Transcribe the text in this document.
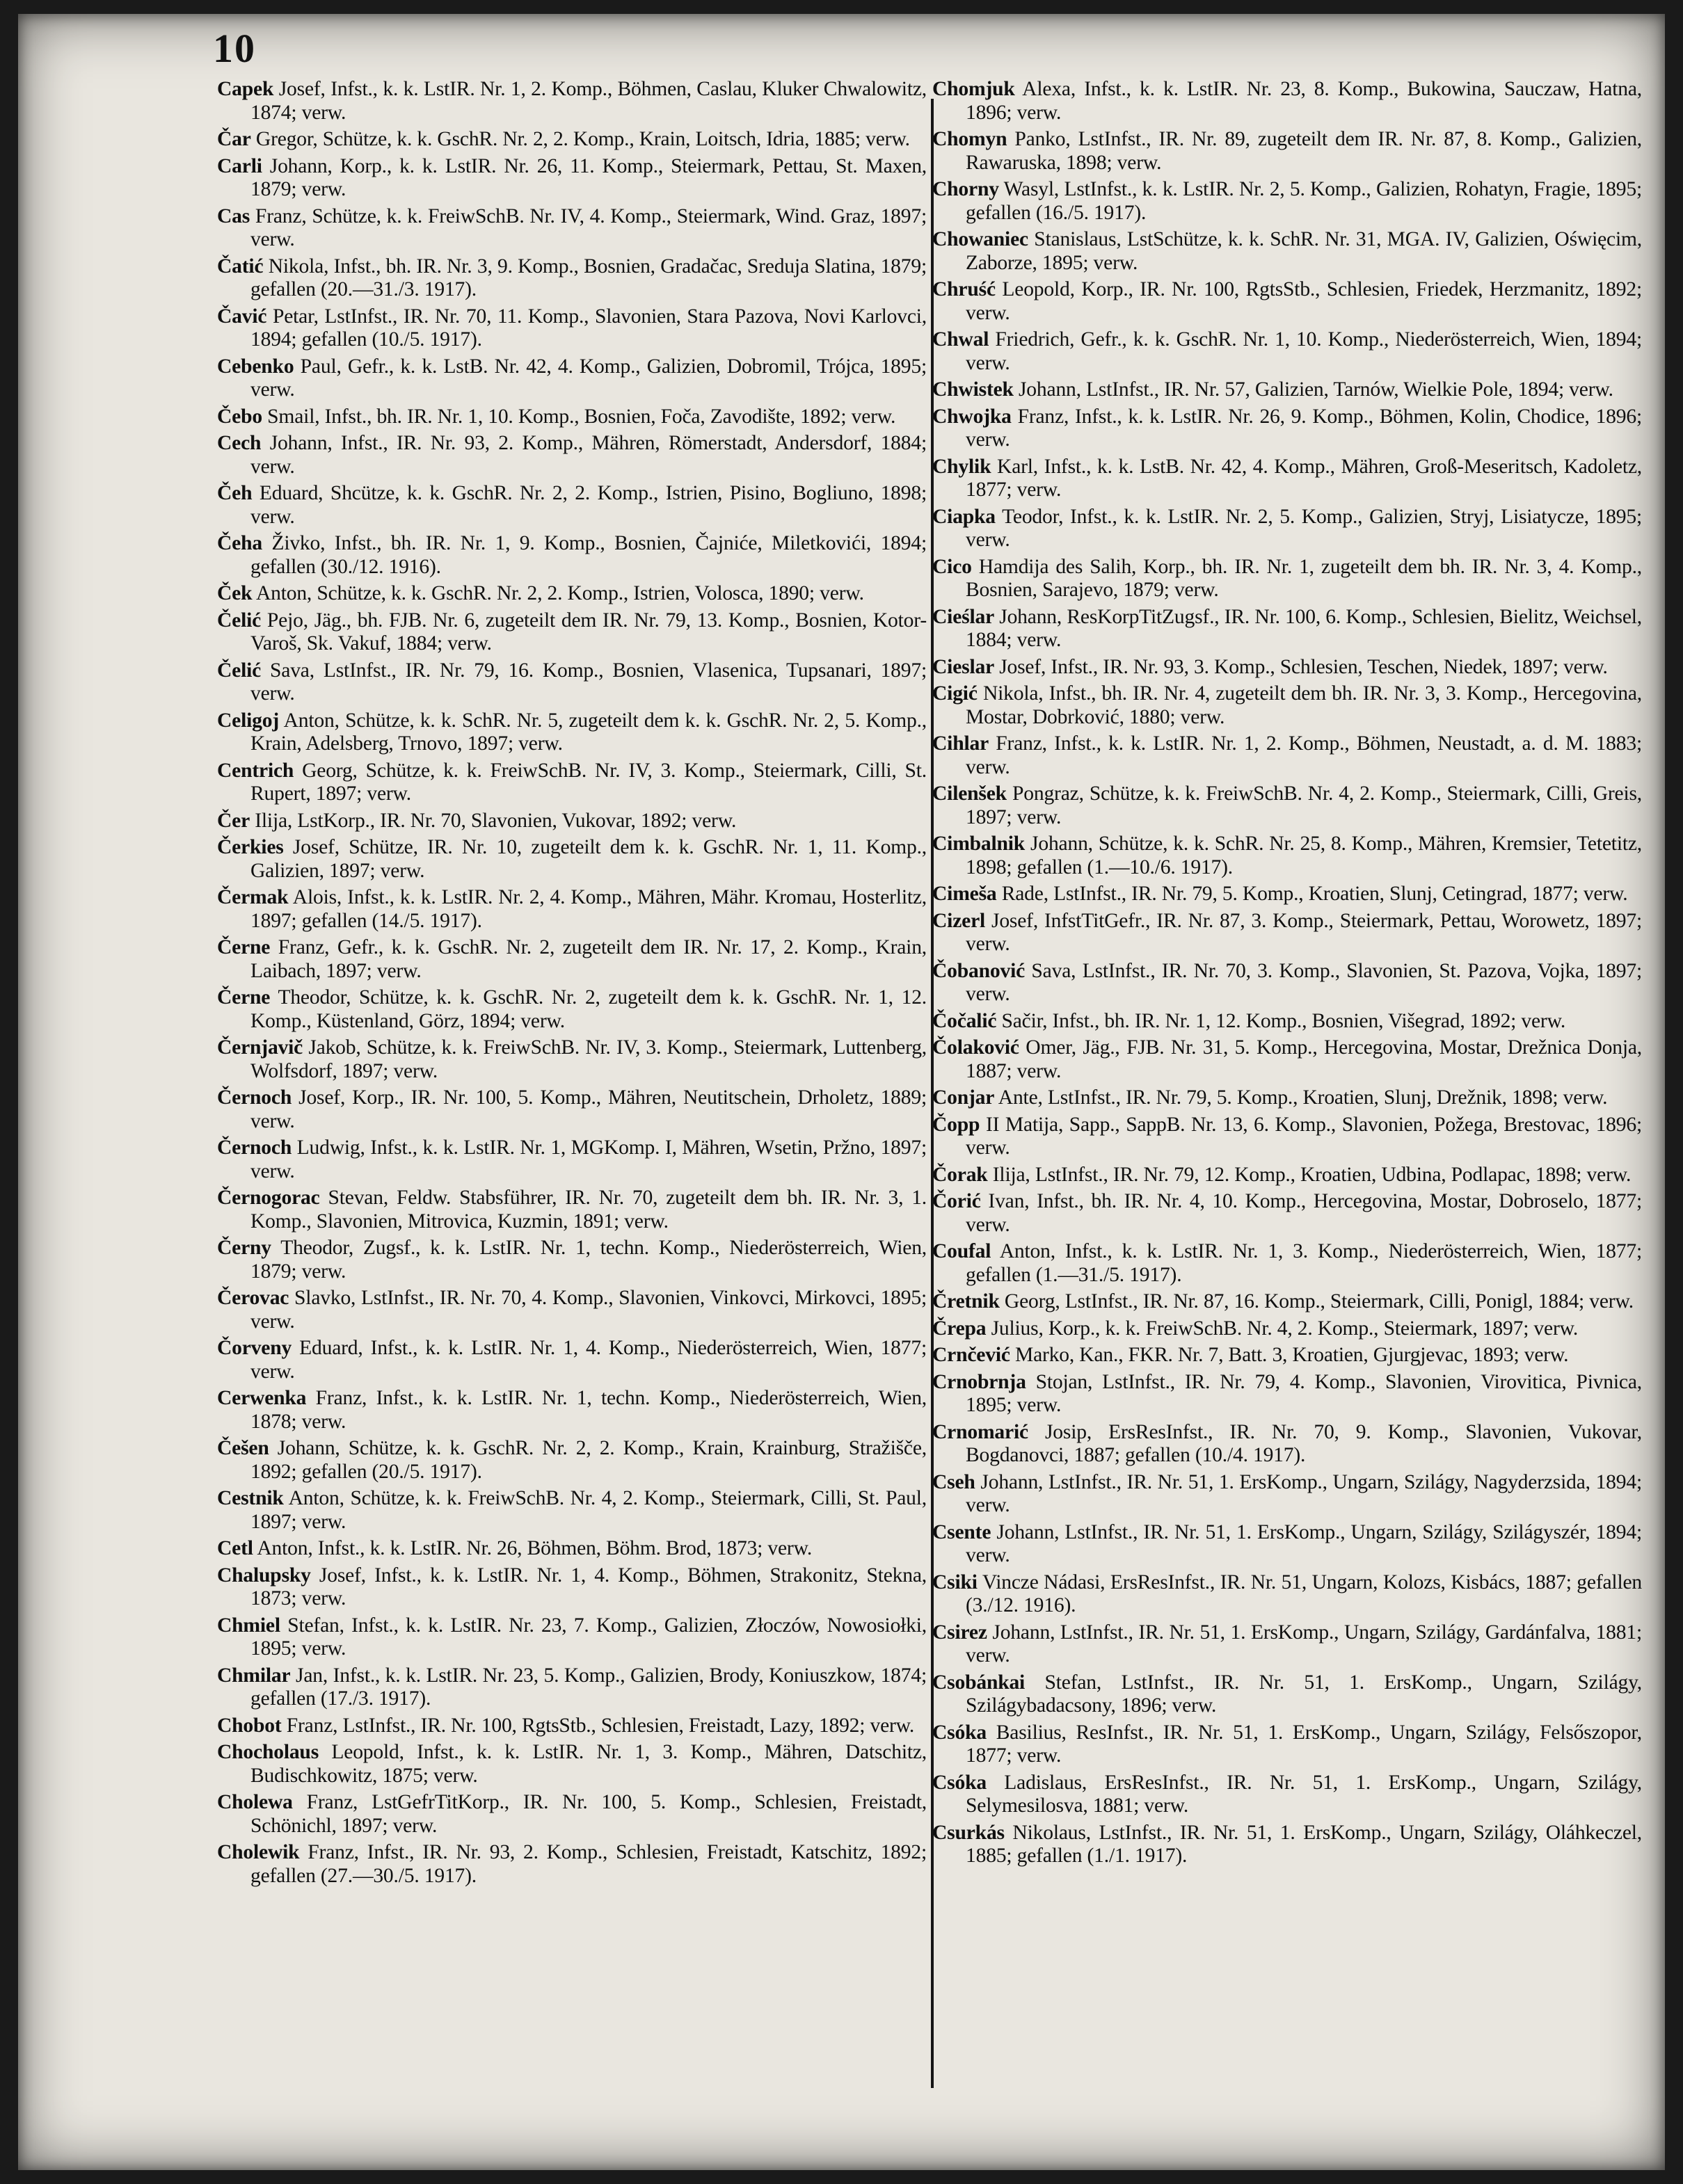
10
Capek Josef, Infst., k. k. LstIR. Nr. 1, 2. Komp., Böhmen, Caslau, Kluker Chwalowitz, 1874; verw.
Čar Gregor, Schütze, k. k. GschR. Nr. 2, 2. Komp., Krain, Loitsch, Idria, 1885; verw.
Carli Johann, Korp., k. k. LstIR. Nr. 26, 11. Komp., Steiermark, Pettau, St. Maxen, 1879; verw.
Cas Franz, Schütze, k. k. FreiwSchB. Nr. IV, 4. Komp., Steiermark, Wind. Graz, 1897; verw.
Čatić Nikola, Infst., bh. IR. Nr. 3, 9. Komp., Bosnien, Gradačac, Sreduja Slatina, 1879; gefallen (20.—31./3. 1917).
Čavić Petar, LstInfst., IR. Nr. 70, 11. Komp., Slavonien, Stara Pazova, Novi Karlovci, 1894; gefallen (10./5. 1917).
Cebenko Paul, Gefr., k. k. LstB. Nr. 42, 4. Komp., Galizien, Dobromil, Trójca, 1895; verw.
Čebo Smail, Infst., bh. IR. Nr. 1, 10. Komp., Bosnien, Foča, Zavodište, 1892; verw.
Cech Johann, Infst., IR. Nr. 93, 2. Komp., Mähren, Römerstadt, Andersdorf, 1884; verw.
Čeh Eduard, Shcütze, k. k. GschR. Nr. 2, 2. Komp., Istrien, Pisino, Bogliuno, 1898; verw.
Čeha Živko, Infst., bh. IR. Nr. 1, 9. Komp., Bosnien, Čajniće, Miletkovići, 1894; gefallen (30./12. 1916).
Ček Anton, Schütze, k. k. GschR. Nr. 2, 2. Komp., Istrien, Volosca, 1890; verw.
Čelić Pejo, Jäg., bh. FJB. Nr. 6, zugeteilt dem IR. Nr. 79, 13. Komp., Bosnien, Kotor-Varoš, Sk. Vakuf, 1884; verw.
Čelić Sava, LstInfst., IR. Nr. 79, 16. Komp., Bosnien, Vlasenica, Tupsanari, 1897; verw.
Celigoj Anton, Schütze, k. k. SchR. Nr. 5, zugeteilt dem k. k. GschR. Nr. 2, 5. Komp., Krain, Adelsberg, Trnovo, 1897; verw.
Centrich Georg, Schütze, k. k. FreiwSchB. Nr. IV, 3. Komp., Steiermark, Cilli, St. Rupert, 1897; verw.
Čer Ilija, LstKorp., IR. Nr. 70, Slavonien, Vukovar, 1892; verw.
Čerkies Josef, Schütze, IR. Nr. 10, zugeteilt dem k. k. GschR. Nr. 1, 11. Komp., Galizien, 1897; verw.
Čermak Alois, Infst., k. k. LstIR. Nr. 2, 4. Komp., Mähren, Mähr. Kromau, Hosterlitz, 1897; gefallen (14./5. 1917).
Černe Franz, Gefr., k. k. GschR. Nr. 2, zugeteilt dem IR. Nr. 17, 2. Komp., Krain, Laibach, 1897; verw.
Černe Theodor, Schütze, k. k. GschR. Nr. 2, zugeteilt dem k. k. GschR. Nr. 1, 12. Komp., Küstenland, Görz, 1894; verw.
Černjavič Jakob, Schütze, k. k. FreiwSchB. Nr. IV, 3. Komp., Steiermark, Luttenberg, Wolfsdorf, 1897; verw.
Černoch Josef, Korp., IR. Nr. 100, 5. Komp., Mähren, Neutitschein, Drholetz, 1889; verw.
Černoch Ludwig, Infst., k. k. LstIR. Nr. 1, MGKomp. I, Mähren, Wsetin, Pržno, 1897; verw.
Černogorac Stevan, Feldw. Stabsführer, IR. Nr. 70, zugeteilt dem bh. IR. Nr. 3, 1. Komp., Slavonien, Mitrovica, Kuzmin, 1891; verw.
Černy Theodor, Zugsf., k. k. LstIR. Nr. 1, techn. Komp., Niederösterreich, Wien, 1879; verw.
Čerovac Slavko, LstInfst., IR. Nr. 70, 4. Komp., Slavonien, Vinkovci, Mirkovci, 1895; verw.
Čorveny Eduard, Infst., k. k. LstIR. Nr. 1, 4. Komp., Niederösterreich, Wien, 1877; verw.
Cerwenka Franz, Infst., k. k. LstIR. Nr. 1, techn. Komp., Niederösterreich, Wien, 1878; verw.
Češen Johann, Schütze, k. k. GschR. Nr. 2, 2. Komp., Krain, Krainburg, Stražišče, 1892; gefallen (20./5. 1917).
Cestnik Anton, Schütze, k. k. FreiwSchB. Nr. 4, 2. Komp., Steiermark, Cilli, St. Paul, 1897; verw.
Cetl Anton, Infst., k. k. LstIR. Nr. 26, Böhmen, Böhm. Brod, 1873; verw.
Chalupsky Josef, Infst., k. k. LstIR. Nr. 1, 4. Komp., Böhmen, Strakonitz, Stekna, 1873; verw.
Chmiel Stefan, Infst., k. k. LstIR. Nr. 23, 7. Komp., Galizien, Złoczów, Nowosiołki, 1895; verw.
Chmilar Jan, Infst., k. k. LstIR. Nr. 23, 5. Komp., Galizien, Brody, Koniuszkow, 1874; gefallen (17./3. 1917).
Chobot Franz, LstInfst., IR. Nr. 100, RgtsStb., Schlesien, Freistadt, Lazy, 1892; verw.
Chocholaus Leopold, Infst., k. k. LstIR. Nr. 1, 3. Komp., Mähren, Datschitz, Budischkowitz, 1875; verw.
Cholewa Franz, LstGefrTitKorp., IR. Nr. 100, 5. Komp., Schlesien, Freistadt, Schönichl, 1897; verw.
Cholewik Franz, Infst., IR. Nr. 93, 2. Komp., Schlesien, Freistadt, Katschitz, 1892; gefallen (27.—30./5. 1917).
Chomjuk Alexa, Infst., k. k. LstIR. Nr. 23, 8. Komp., Bukowina, Sauczaw, Hatna, 1896; verw.
Chomyn Panko, LstInfst., IR. Nr. 89, zugeteilt dem IR. Nr. 87, 8. Komp., Galizien, Rawaruska, 1898; verw.
Chorny Wasyl, LstInfst., k. k. LstIR. Nr. 2, 5. Komp., Galizien, Rohatyn, Fragie, 1895; gefallen (16./5. 1917).
Chowaniec Stanislaus, LstSchütze, k. k. SchR. Nr. 31, MGA. IV, Galizien, Oświęcim, Zaborze, 1895; verw.
Chruść Leopold, Korp., IR. Nr. 100, RgtsStb., Schlesien, Friedek, Herzmanitz, 1892; verw.
Chwal Friedrich, Gefr., k. k. GschR. Nr. 1, 10. Komp., Niederösterreich, Wien, 1894; verw.
Chwistek Johann, LstInfst., IR. Nr. 57, Galizien, Tarnów, Wielkie Pole, 1894; verw.
Chwojka Franz, Infst., k. k. LstIR. Nr. 26, 9. Komp., Böhmen, Kolin, Chodice, 1896; verw.
Chylik Karl, Infst., k. k. LstB. Nr. 42, 4. Komp., Mähren, Groß-Meseritsch, Kadoletz, 1877; verw.
Ciapka Teodor, Infst., k. k. LstIR. Nr. 2, 5. Komp., Galizien, Stryj, Lisiatycze, 1895; verw.
Cico Hamdija des Salih, Korp., bh. IR. Nr. 1, zugeteilt dem bh. IR. Nr. 3, 4. Komp., Bosnien, Sarajevo, 1879; verw.
Cieślar Johann, ResKorpTitZugsf., IR. Nr. 100, 6. Komp., Schlesien, Bielitz, Weichsel, 1884; verw.
Cieslar Josef, Infst., IR. Nr. 93, 3. Komp., Schlesien, Teschen, Niedek, 1897; verw.
Cigić Nikola, Infst., bh. IR. Nr. 4, zugeteilt dem bh. IR. Nr. 3, 3. Komp., Hercegovina, Mostar, Dobrković, 1880; verw.
Cihlar Franz, Infst., k. k. LstIR. Nr. 1, 2. Komp., Böhmen, Neustadt, a. d. M. 1883; verw.
Cilenšek Pongraz, Schütze, k. k. FreiwSchB. Nr. 4, 2. Komp., Steiermark, Cilli, Greis, 1897; verw.
Cimbalnik Johann, Schütze, k. k. SchR. Nr. 25, 8. Komp., Mähren, Kremsier, Tetetitz, 1898; gefallen (1.—10./6. 1917).
Cimeša Rade, LstInfst., IR. Nr. 79, 5. Komp., Kroatien, Slunj, Cetingrad, 1877; verw.
Cizerl Josef, InfstTitGefr., IR. Nr. 87, 3. Komp., Steiermark, Pettau, Worowetz, 1897; verw.
Čobanović Sava, LstInfst., IR. Nr. 70, 3. Komp., Slavonien, St. Pazova, Vojka, 1897; verw.
Čočalić Sačir, Infst., bh. IR. Nr. 1, 12. Komp., Bosnien, Višegrad, 1892; verw.
Čolaković Omer, Jäg., FJB. Nr. 31, 5. Komp., Hercegovina, Mostar, Drežnica Donja, 1887; verw.
Conjar Ante, LstInfst., IR. Nr. 79, 5. Komp., Kroatien, Slunj, Drežnik, 1898; verw.
Čopp II Matija, Sapp., SappB. Nr. 13, 6. Komp., Slavonien, Požega, Brestovac, 1896; verw.
Čorak Ilija, LstInfst., IR. Nr. 79, 12. Komp., Kroatien, Udbina, Podlapac, 1898; verw.
Čorić Ivan, Infst., bh. IR. Nr. 4, 10. Komp., Hercegovina, Mostar, Dobroselo, 1877; verw.
Coufal Anton, Infst., k. k. LstIR. Nr. 1, 3. Komp., Niederösterreich, Wien, 1877; gefallen (1.—31./5. 1917).
Čretnik Georg, LstInfst., IR. Nr. 87, 16. Komp., Steiermark, Cilli, Ponigl, 1884; verw.
Črepa Julius, Korp., k. k. FreiwSchB. Nr. 4, 2. Komp., Steiermark, 1897; verw.
Crnčević Marko, Kan., FKR. Nr. 7, Batt. 3, Kroatien, Gjurgjevac, 1893; verw.
Crnobrnja Stojan, LstInfst., IR. Nr. 79, 4. Komp., Slavonien, Virovitica, Pivnica, 1895; verw.
Crnomarić Josip, ErsResInfst., IR. Nr. 70, 9. Komp., Slavonien, Vukovar, Bogdanovci, 1887; gefallen (10./4. 1917).
Cseh Johann, LstInfst., IR. Nr. 51, 1. ErsKomp., Ungarn, Szilágy, Nagyderzsida, 1894; verw.
Csente Johann, LstInfst., IR. Nr. 51, 1. ErsKomp., Ungarn, Szilágy, Szilágyszér, 1894; verw.
Csiki Vincze Nádasi, ErsResInfst., IR. Nr. 51, Ungarn, Kolozs, Kisbács, 1887; gefallen (3./12. 1916).
Csirez Johann, LstInfst., IR. Nr. 51, 1. ErsKomp., Ungarn, Szilágy, Gardánfalva, 1881; verw.
Csobánkai Stefan, LstInfst., IR. Nr. 51, 1. ErsKomp., Ungarn, Szilágy, Szilágybadacsony, 1896; verw.
Csóka Basilius, ResInfst., IR. Nr. 51, 1. ErsKomp., Ungarn, Szilágy, Felsőszopor, 1877; verw.
Csóka Ladislaus, ErsResInfst., IR. Nr. 51, 1. ErsKomp., Ungarn, Szilágy, Selymesilosva, 1881; verw.
Csurkás Nikolaus, LstInfst., IR. Nr. 51, 1. ErsKomp., Ungarn, Szilágy, Oláhkeczel, 1885; gefallen (1./1. 1917).
